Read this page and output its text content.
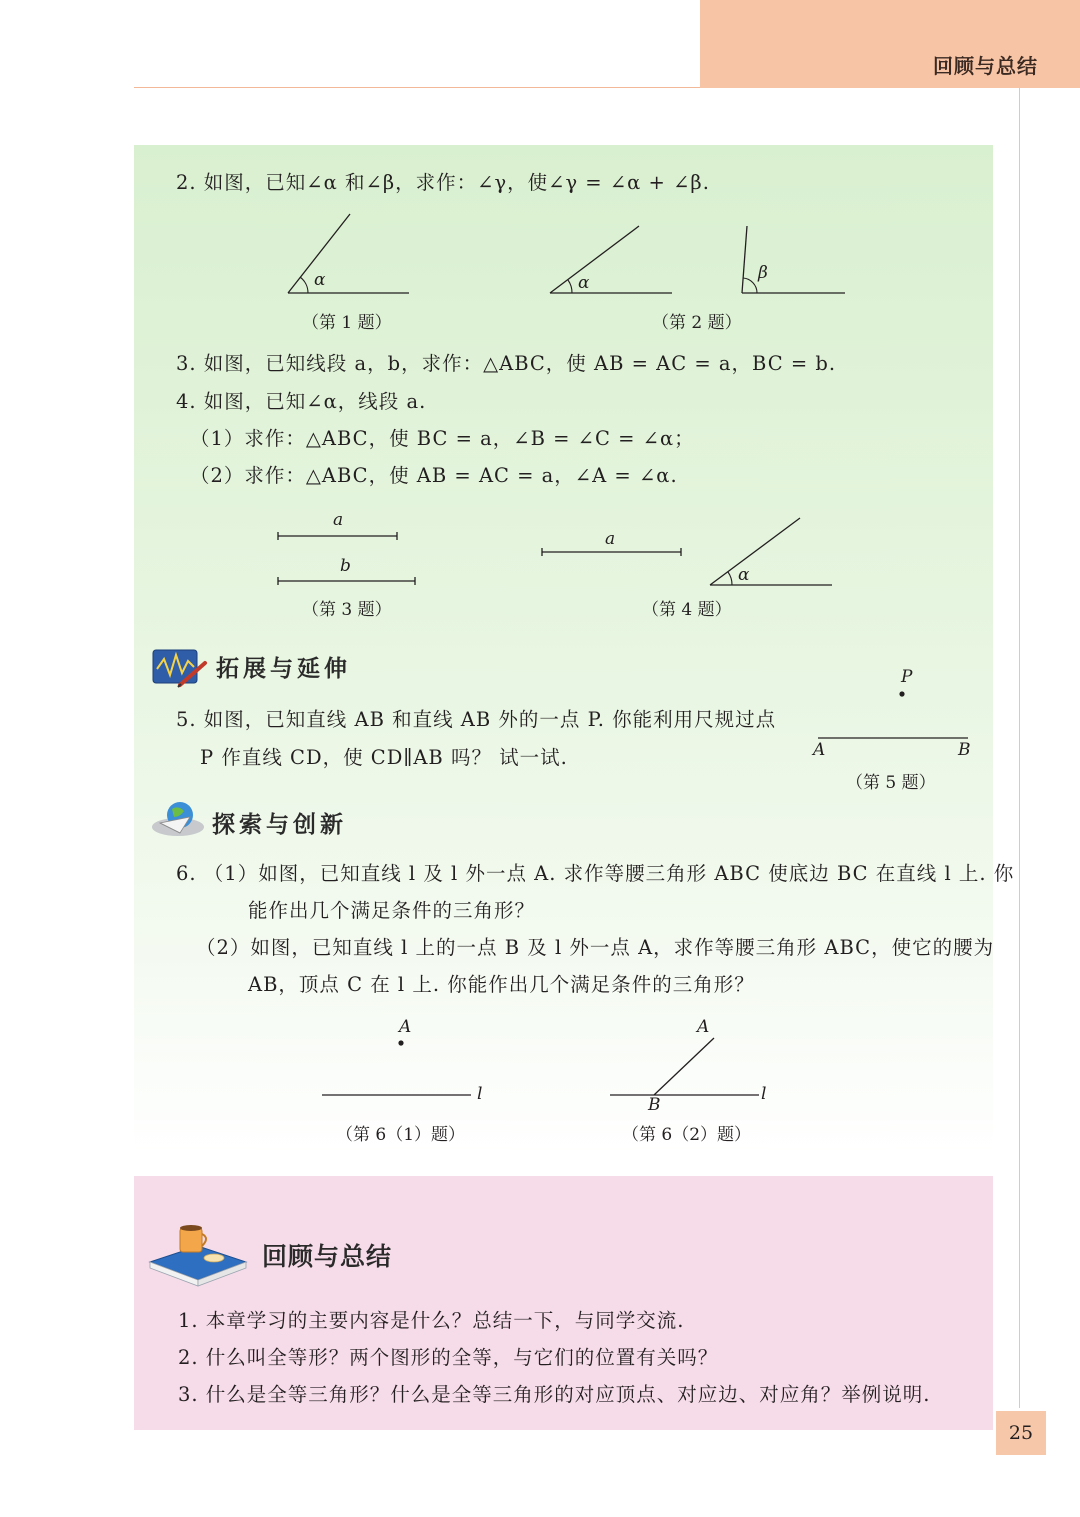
回顾与总结
2. 如图，已知∠α 和∠β，求作：∠γ，使∠γ = ∠α + ∠β.
α
（第 1 题）
α	β
（第 2 题）
3. 如图，已知线段 a，b，求作：△ABC，使 AB = AC = a，BC = b.
4. 如图，已知∠α，线段 a.
（1）求作：△ABC，使 BC = a，∠B = ∠C = ∠α；
（2）求作：△ABC，使 AB = AC = a，∠A = ∠α.
a
b
（第 3 题）
a
α
（第 4 题）
拓展与延伸
5. 如图，已知直线 AB 和直线 AB 外的一点 P. 你能利用尺规过点
P 作直线 CD，使 CD∥AB 吗？ 试一试.
P
A	B
（第 5 题）
探索与创新
6. （1）如图，已知直线 l 及 l 外一点 A. 求作等腰三角形 ABC 使底边 BC 在直线 l 上. 你
能作出几个满足条件的三角形？
（2）如图，已知直线 l 上的一点 B 及 l 外一点 A，求作等腰三角形 ABC，使它的腰为
AB，顶点 C 在 l 上. 你能作出几个满足条件的三角形？
A
l
（第 6（1）题）
A
B
l
（第 6（2）题）
回顾与总结
1. 本章学习的主要内容是什么？总结一下，与同学交流.
2. 什么叫全等形？两个图形的全等，与它们的位置有关吗？
3. 什么是全等三角形？什么是全等三角形的对应顶点、对应边、对应角？举例说明.
25
